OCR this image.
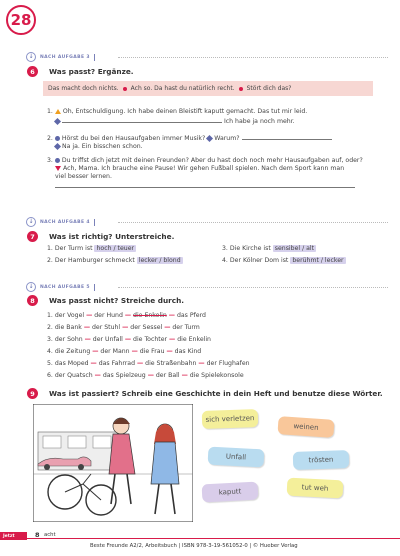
28
↓	NACH AUFGABE 3
6	Was passt? Ergänze.
Das macht doch nichts. Ach so. Da hast du natürlich recht. Stört dich das?
1.  Oh, Entschuldigung. Ich habe deinen Bleistift kaputt gemacht. Das tut mir leid.
Ich habe ja noch mehr.
2.  Hörst du bei den Hausaufgaben immer Musik? Warum?
Na ja. Ein bisschen schon.
3.  Du triffst dich jetzt mit deinen Freunden? Aber du hast doch noch mehr Hausaufgaben auf, oder?
Ach, Mama. Ich brauche eine Pause! Wir gehen Fußball spielen. Nach dem Sport kann man
viel besser lernen.
↓	NACH AUFGABE 4
7	Was ist richtig? Unterstreiche.
1. Der Turm ist hoch / teuer
2. Der Hamburger schmeckt lecker / blond
3. Die Kirche ist sensibel / alt
4. Der Kölner Dom ist berühmt / lecker
↓	NACH AUFGABE 5
8	Was passt nicht? Streiche durch.
1. der Vogel — der Hund — die Enkelin — das Pferd
2. die Bank — der Stuhl — der Sessel — der Turm
3. der Sohn — der Unfall — die Tochter — die Enkelin
4. die Zeitung — der Mann — die Frau — das Kind
5. das Moped — das Fahrrad — die Straßenbahn — der Flughafen
6. der Quatsch — das Spielzeug — der Ball — die Spielekonsole
9	Was ist passiert? Schreib eine Geschichte in dein Heft und benutze diese Wörter.
sich verletzen
weinen
Unfall	trösten
kaputt	tut weh
Jetzt	8 acht
Beste Freunde A2/2, Arbeitsbuch | ISBN 978-3-19-561052-0 | © Hueber Verlag
